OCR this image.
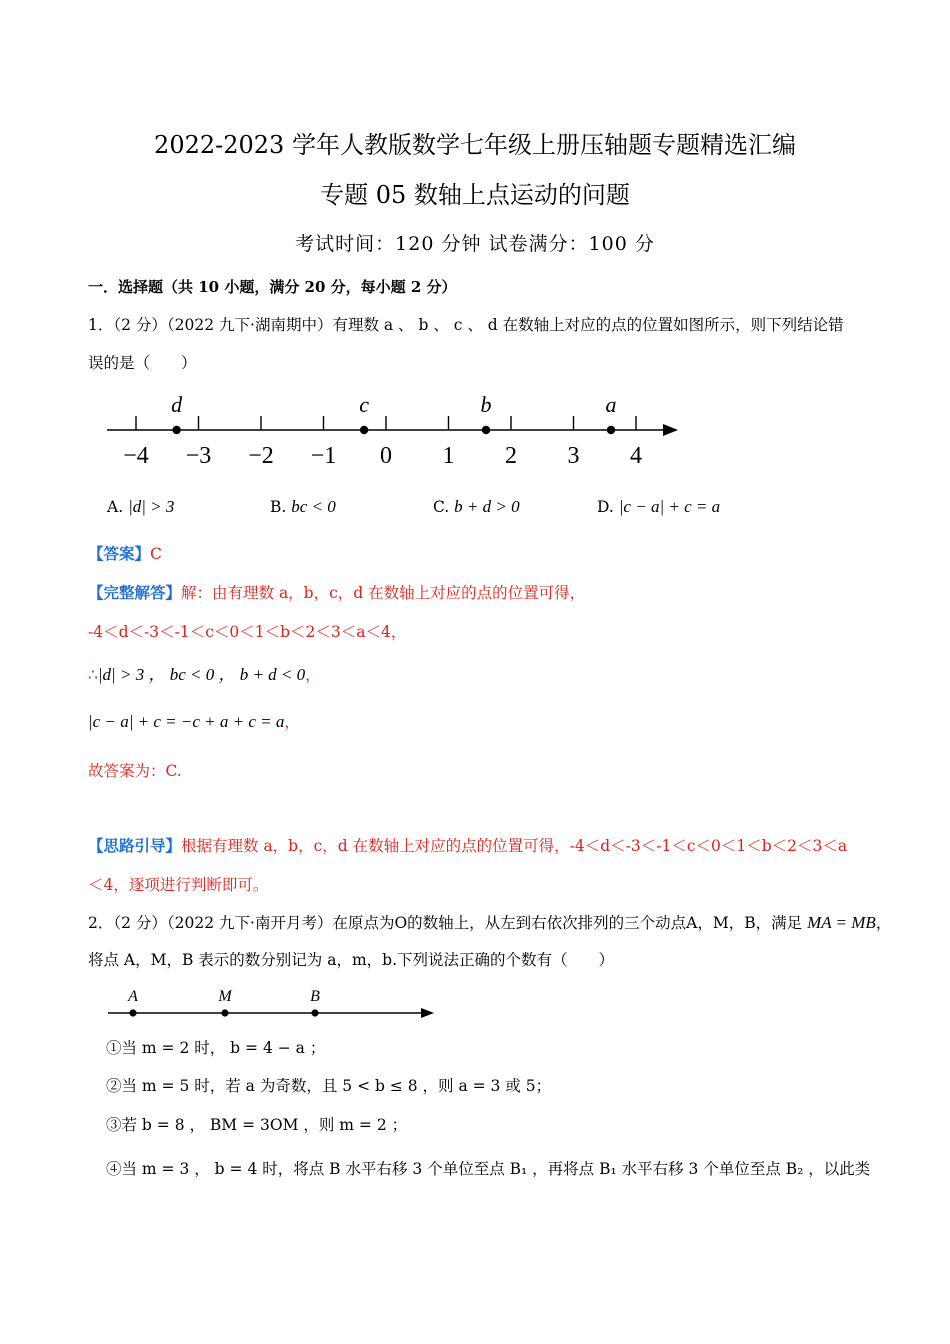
2022-2023 学年人教版数学七年级上册压轴题专题精选汇编
专题 05 数轴上点运动的问题
考试时间：120 分钟 试卷满分：100 分
一．选择题（共 10 小题，满分 20 分，每小题 2 分）
1．（2 分）（2022 九下·湖南期中）有理数 a 、 b 、 c 、 d 在数轴上对应的点的位置如图所示，则下列结论错
误的是（　　）
−4 −3 −2 −1 0 1 2 3 4
d	c	b	a
A. |d| > 3	B. bc < 0	C. b + d > 0	D. |c − a| + c = a
【答案】C
【完整解答】解：由有理数 a，b，c，d 在数轴上对应的点的位置可得，
-4＜d＜-3＜-1＜c＜0＜1＜b＜2＜3＜a＜4，
∴|d| > 3 ， bc < 0 ， b + d < 0，
|c − a| + c = −c + a + c = a，
故答案为：C.
【思路引导】根据有理数 a，b，c，d 在数轴上对应的点的位置可得，-4＜d＜-3＜-1＜c＜0＜1＜b＜2＜3＜a
＜4，逐项进行判断即可。
2．（2 分）（2022 九下·南开月考）在原点为O的数轴上，从左到右依次排列的三个动点A，M，B，满足 MA = MB，
将点 A，M，B 表示的数分别记为 a，m，b.下列说法正确的个数有（　　）
A	M	B
①当 m = 2 时， b = 4 − a ；
②当 m = 5 时，若 a 为奇数，且 5 < b ≤ 8 ，则 a = 3 或 5；
③若 b = 8 ， BM = 3OM ，则 m = 2 ；
④当 m = 3 ， b = 4 时，将点 B 水平右移 3 个单位至点 B₁ ，再将点 B₁ 水平右移 3 个单位至点 B₂ ，以此类
